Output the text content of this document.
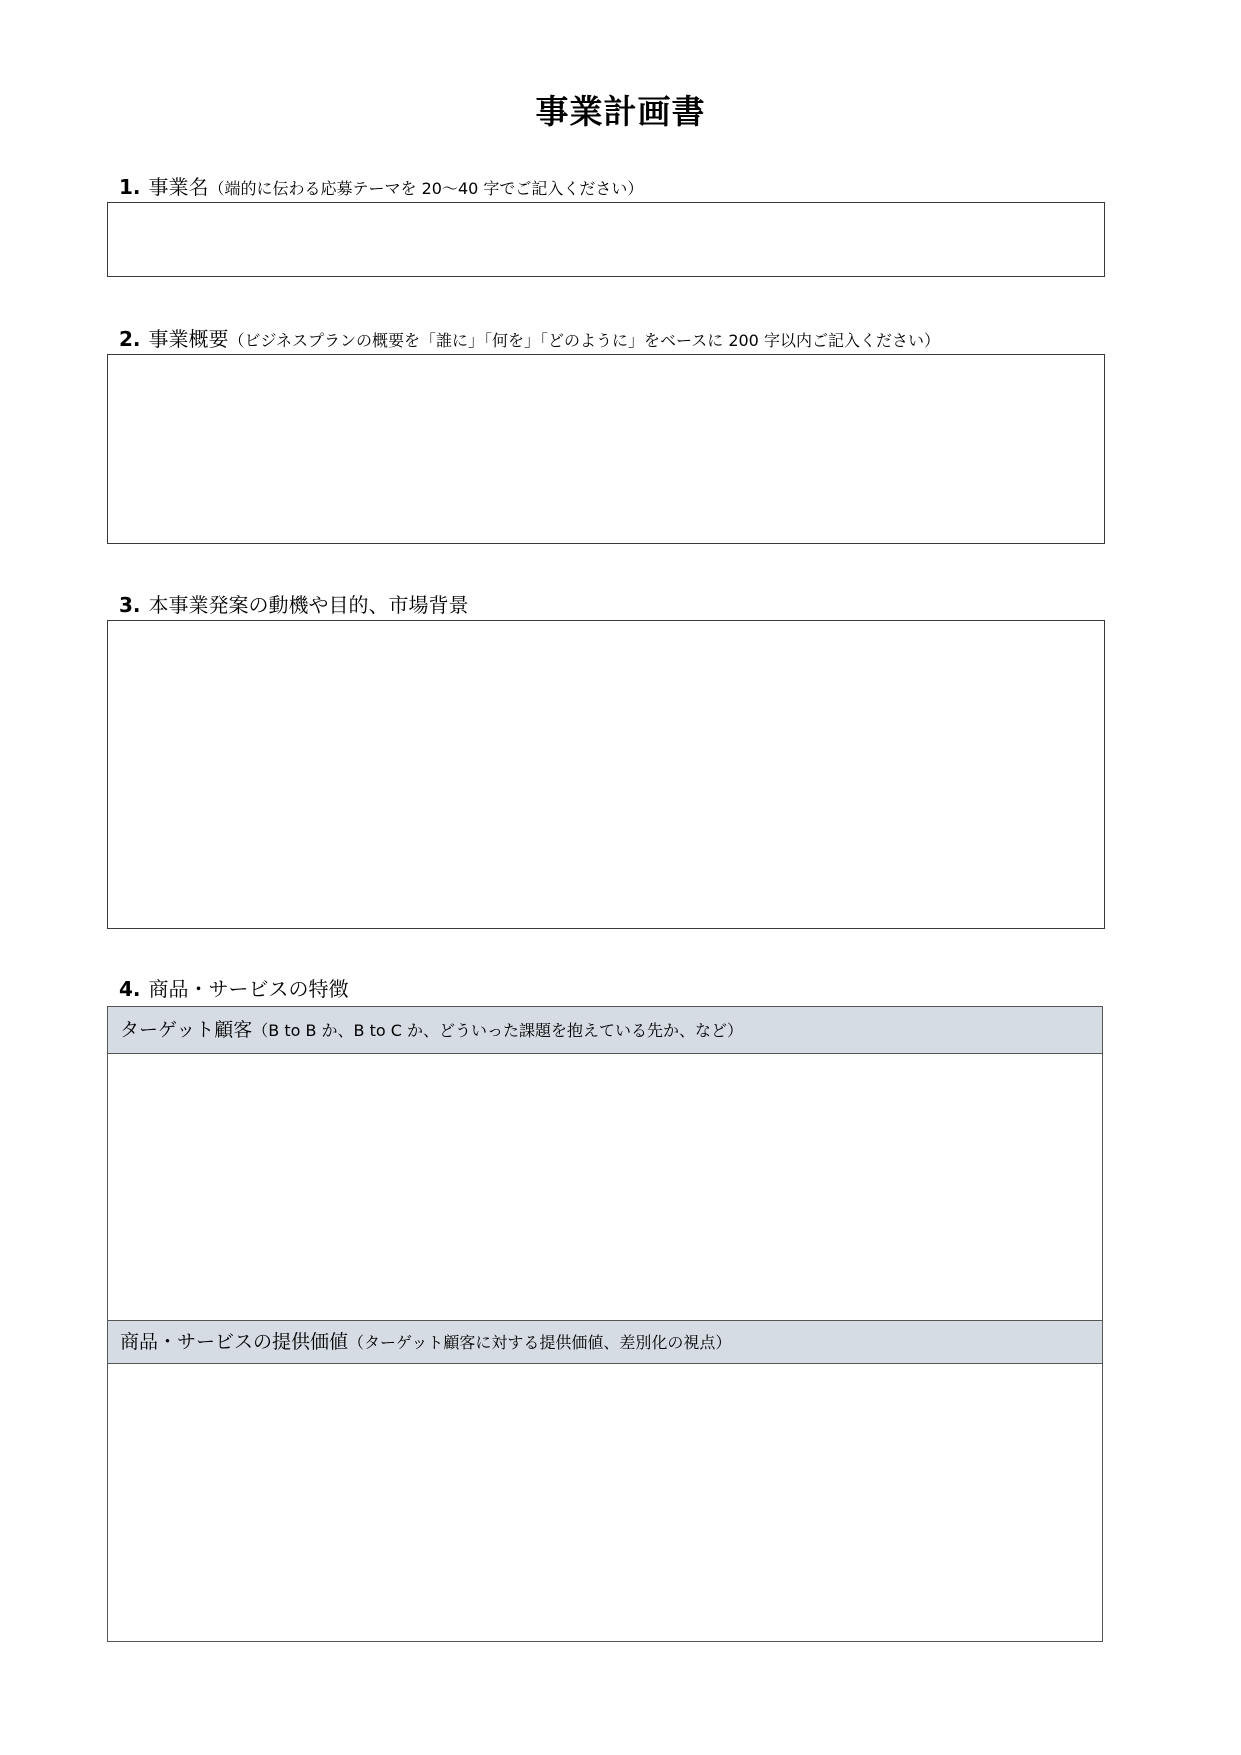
事業計画書
1. 事業名（端的に伝わる応募テーマを 20～40 字でご記入ください）
2. 事業概要（ビジネスプランの概要を「誰に」「何を」「どのように」をベースに 200 字以内ご記入ください）
3. 本事業発案の動機や目的、市場背景
4. 商品・サービスの特徴
ターゲット顧客（B to B か、B to C か、どういった課題を抱えている先か、など）
商品・サービスの提供価値（ターゲット顧客に対する提供価値、差別化の視点）
